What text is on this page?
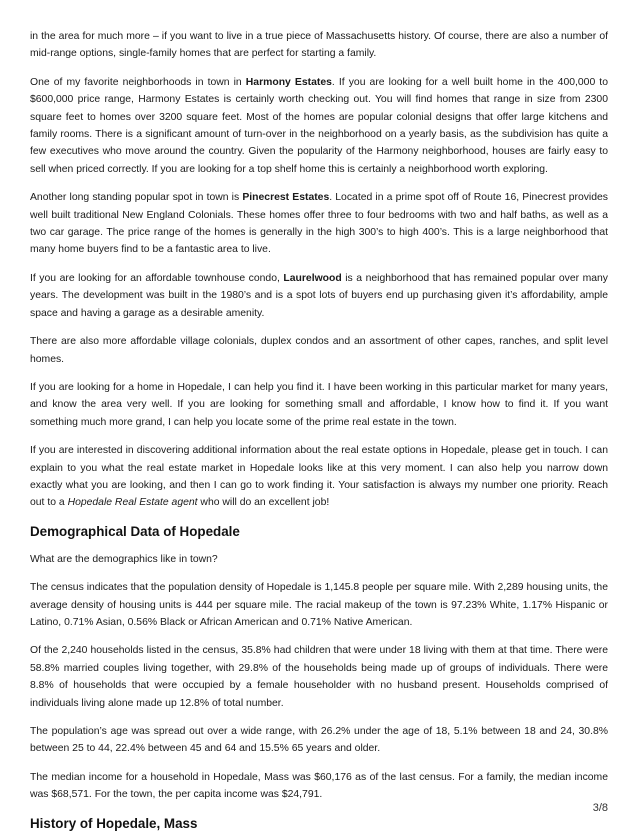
in the area for much more – if you want to live in a true piece of Massachusetts history. Of course, there are also a number of mid-range options, single-family homes that are perfect for starting a family.

One of my favorite neighborhoods in town in Harmony Estates. If you are looking for a well built home in the 400,000 to $600,000 price range, Harmony Estates is certainly worth checking out. You will find homes that range in size from 2300 square feet to homes over 3200 square feet. Most of the homes are popular colonial designs that offer large kitchens and family rooms. There is a significant amount of turn-over in the neighborhood on a yearly basis, as the subdivision has quite a few executives who move around the country. Given the popularity of the Harmony neighborhood, houses are fairly easy to sell when priced correctly. If you are looking for a top shelf home this is certainly a neighborhood worth exploring.

Another long standing popular spot in town is Pinecrest Estates. Located in a prime spot off of Route 16, Pinecrest provides well built traditional New England Colonials. These homes offer three to four bedrooms with two and half baths, as well as a two car garage. The price range of the homes is generally in the high 300’s to high 400’s. This is a large neighborhood that many home buyers find to be a fantastic area to live.

If you are looking for an affordable townhouse condo, Laurelwood is a neighborhood that has remained popular over many years. The development was built in the 1980’s and is a spot lots of buyers end up purchasing given it’s affordability, ample space and having a garage as a desirable amenity.

There are also more affordable village colonials, duplex condos and an assortment of other capes, ranches, and split level homes.

If you are looking for a home in Hopedale, I can help you find it. I have been working in this particular market for many years, and know the area very well. If you are looking for something small and affordable, I know how to find it. If you want something much more grand, I can help you locate some of the prime real estate in the town.

If you are interested in discovering additional information about the real estate options in Hopedale, please get in touch. I can explain to you what the real estate market in Hopedale looks like at this very moment. I can also help you narrow down exactly what you are looking, and then I can go to work finding it. Your satisfaction is always my number one priority. Reach out to a Hopedale Real Estate agent who will do an excellent job!

Demographical Data of Hopedale

What are the demographics like in town?

The census indicates that the population density of Hopedale is 1,145.8 people per square mile. With 2,289 housing units, the average density of housing units is 444 per square mile. The racial makeup of the town is 97.23% White, 1.17% Hispanic or Latino, 0.71% Asian, 0.56% Black or African American and 0.71% Native American.

Of the 2,240 households listed in the census, 35.8% had children that were under 18 living with them at that time. There were 58.8% married couples living together, with 29.8% of the households being made up of groups of individuals. There were 8.8% of households that were occupied by a female householder with no husband present. Households comprised of individuals living alone made up 12.8% of total number.

The population’s age was spread out over a wide range, with 26.2% under the age of 18, 5.1% between 18 and 24, 30.8% between 25 to 44, 22.4% between 45 and 64 and 15.5% 65 years and older.

The median income for a household in Hopedale, Mass was $60,176 as of the last census. For a family, the median income was $68,571. For the town, the per capita income was $24,791.

History of Hopedale, Mass
3/8
